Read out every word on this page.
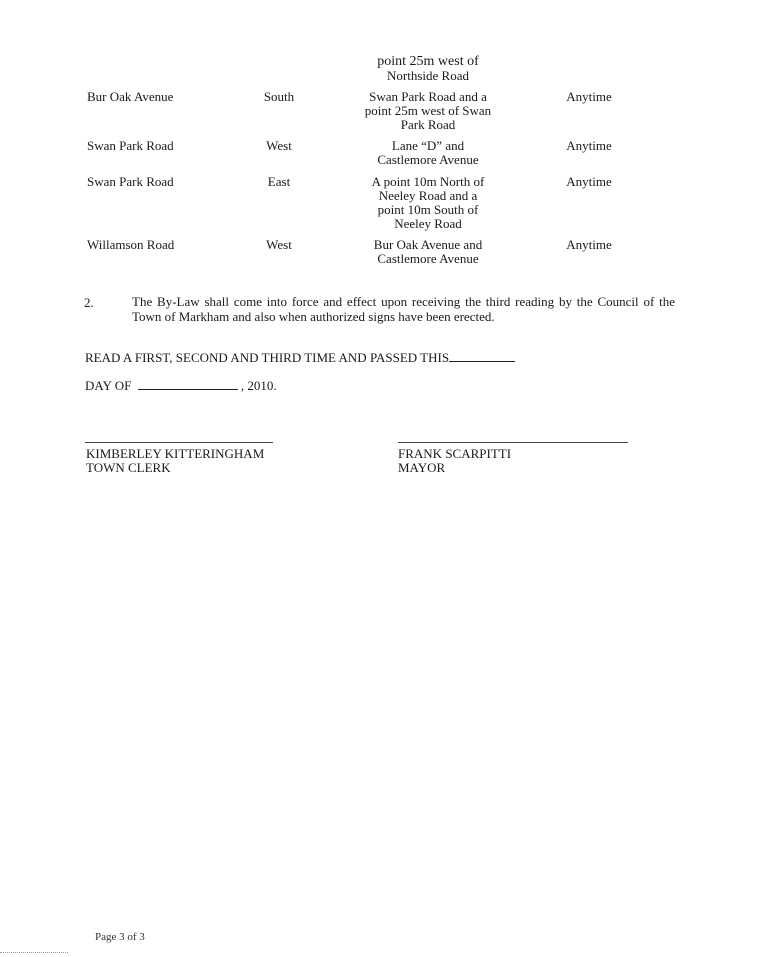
point 25m west of
Northside Road
Bur Oak Avenue	South	Swan Park Road and a
point 25m west of Swan
Park Road
Anytime
Swan Park Road	West	Lane “D” and
Castlemore Avenue
Anytime
Swan Park Road	East	A point 10m North of
Neeley Road and a
point 10m South of
Neeley Road
Anytime
Willamson Road	West	Bur Oak Avenue and
Castlemore Avenue
Anytime
2.	The By-Law shall come into force and effect upon receiving the third reading by the Council of the Town of Markham and also when authorized signs have been erected.
READ A FIRST, SECOND AND THIRD TIME AND PASSED THIS
DAY OF	, 2010.
KIMBERLEY KITTERINGHAM
TOWN CLERK
FRANK SCARPITTI
MAYOR
Page 3 of 3
